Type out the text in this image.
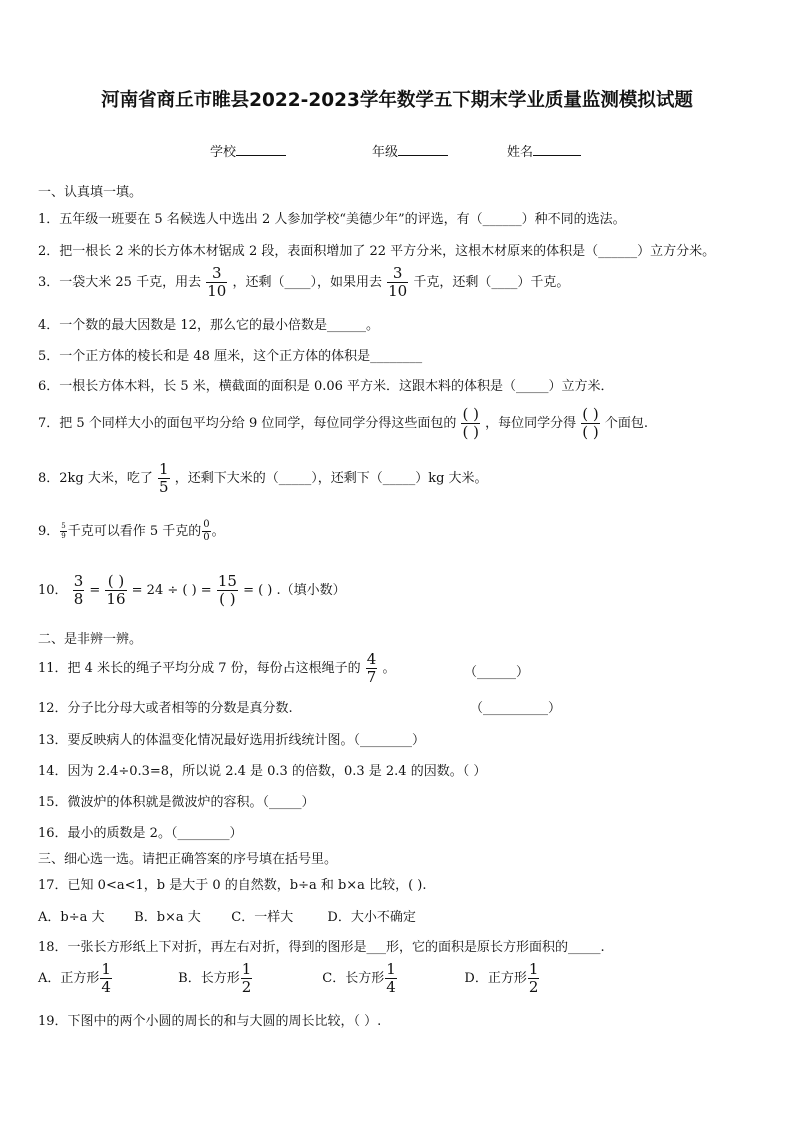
河南省商丘市睢县2022-2023学年数学五下期末学业质量监测模拟试题
学校	年级	姓名
一、认真填一填。
1．五年级一班要在 5 名候选人中选出 2 人参加学校“美德少年”的评选，有（______）种不同的选法。
2．把一根长 2 米的长方体木材锯成 2 段，表面积增加了 22 平方分米，这根木材原来的体积是（______）立方分米。
3．一袋大米 25 千克，用去 $\frac{3}{10}$ ，还剩（____），如果用去 $\frac{3}{10}$ 千克，还剩（____）千克。
4．一个数的最大因数是 12，那么它的最小倍数是______。
5．一个正方体的棱长和是 48 厘米，这个正方体的体积是________
6．一根长方体木料，长 5 米，横截面的面积是 0.06 平方米．这跟木料的体积是（_____）立方米．
7．把 5 个同样大小的面包平均分给 9 位同学，每位同学分得这些面包的 $\frac{( )}{( )}$ ，每位同学分得 $\frac{( )}{( )}$ 个面包.
8．2kg 大米，吃了 $\frac{1}{5}$ ，还剩下大米的（_____），还剩下（_____）kg 大米。
9． $\frac{5}{9}$ 千克可以看作 5 千克的 $\frac{0}{0}$ 。
10． $\frac{3}{8} = \frac{( )}{16} = 24$ ÷ ( ) = $\frac{15}{( )}$ = ( ) .（填小数）
二、是非辨一辨。
11．把 4 米长的绳子平均分成 7 份，每份占这根绳子的 $\frac{4}{7}$ 。	（______）
12．分子比分母大或者相等的分数是真分数.	（__________）
13．要反映病人的体温变化情况最好选用折线统计图。（________）
14．因为 2.4÷0.3=8，所以说 2.4 是 0.3 的倍数，0.3 是 2.4 的因数。（ ）
15．微波炉的体积就是微波炉的容积。（_____）
16．最小的质数是 2。（________）
三、细心选一选。请把正确答案的序号填在括号里。
17．已知 0<a<1，b 是大于 0 的自然数，b÷a 和 b×a 比较，( ).
A．b÷a 大 B．b×a 大 C．一样大	D．大小不确定
18．一张长方形纸上下对折，再左右对折，得到的图形是___形，它的面积是原长方形面积的_____.
A．正方形 $\frac{1}{4}$	B．长方形 $\frac{1}{2}$	C．长方形 $\frac{1}{4}$	D．正方形 $\frac{1}{2}$
19．下图中的两个小圆的周长的和与大圆的周长比较，（ ）.
